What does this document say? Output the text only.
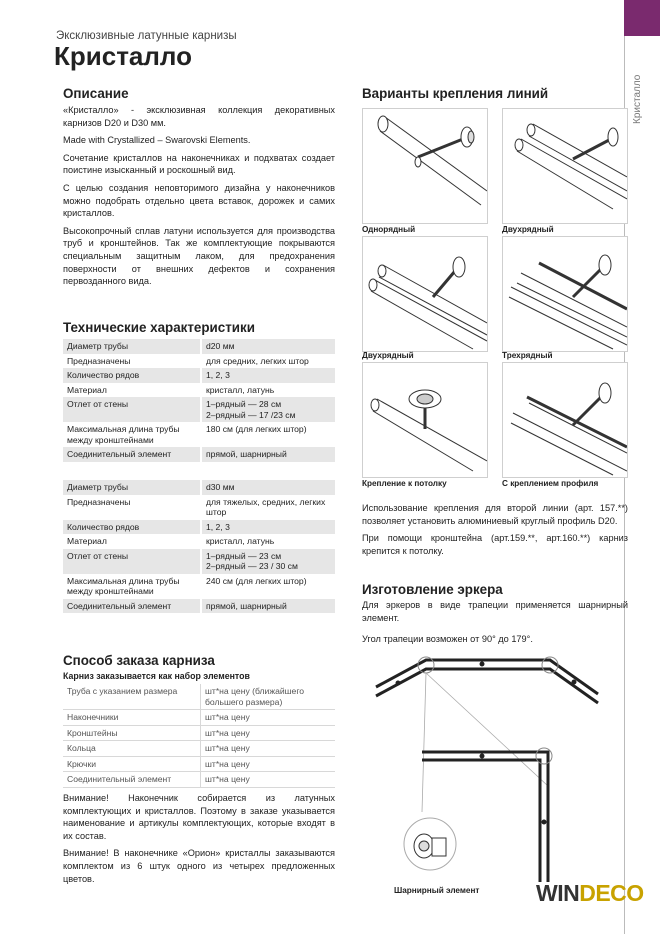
Кристалло
Эксклюзивные латунные карнизы
Кристалло
Описание

«Кристалло» - эксклюзивная коллекция декоративных карнизов D20 и D30 мм.

Made with Crystallized – Swarovski Elements.

Сочетание кристаллов на наконечниках и подхватах создает поистине изысканный и роскошный вид.

С целью создания неповторимого дизайна у наконечников можно подобрать отдельно цвета вставок, дорожек и самих кристаллов.

Высокопрочный сплав латуни используется для производства труб и кронштейнов. Так же комплектующие покрываются специальным защитным лаком, для предохранения поверхности от внешних дефектов и сохранения первозданного вида.

Технические характеристики
Диаметр трубы	d20 мм
Предназначены	для средних, легких штор
Количество рядов	1, 2, 3
Материал	кристалл, латунь
Отлет от стены	1–рядный — 28 см
2–рядный — 17 /23 см
Максимальная длина трубы между кронштейнами	180 см (для легких штор)
Соединительный элемент	прямой, шарнирный
Диаметр трубы	d30 мм
Предназначены	для тяжелых, средних, легких штор
Количество рядов	1, 2, 3
Материал	кристалл, латунь
Отлет от стены	1–рядный — 23 см
2–рядный — 23 / 30 см
Максимальная длина трубы между кронштейнами	240 см (для легких штор)
Соединительный элемент	прямой, шарнирный
Способ заказа карниза
Карниз заказывается как набор элементов
Труба с указанием размера	шт*на цену (ближайшего большего размера)
Наконечники	шт*на цену
Кронштейны	шт*на цену
Кольца	шт*на цену
Крючки	шт*на цену
Соединительный элемент	шт*на цену

Внимание! Наконечник собирается из латунных комплектующих и кристаллов. Поэтому в заказе указывается наименование и артикулы комплектующих, которые входят в их состав.

Внимание! В наконечнике «Орион» кристаллы заказываются комплектом из 6 штук одного из четырех предложенных цветов.

Варианты крепления линий
Однорядный	Двухрядный
Двухрядный	Трехрядный
Крепление к потолку	С креплением профиля

Использование крепления для второй линии (арт. 157.**) позволяет установить алюминиевый круглый профиль D20.

При помощи кронштейна (арт.159.**, арт.160.**) карниз крепится к потолку.

Изготовление эркера

Для эркеров в виде трапеции применяется шарнирный элемент.

Угол трапеции возможен от 90° до 179°.

Шарнирный элемент WINDECO
